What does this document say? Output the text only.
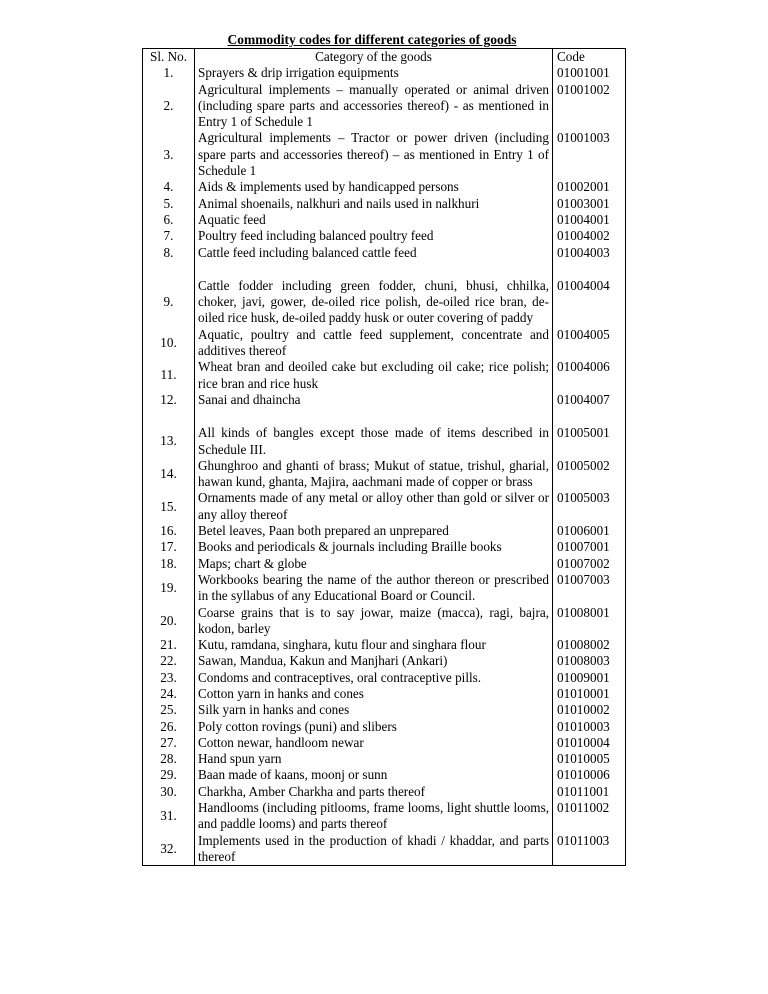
Commodity codes for different categories of goods
Sl. No.	Category of the goods	Code
1.	Sprayers & drip irrigation equipments	01001001
2.	Agricultural implements – manually operated or animal driven (including spare parts and accessories thereof) - as mentioned in Entry 1 of Schedule 1	01001002
3.	Agricultural implements – Tractor or power driven (including spare parts and accessories thereof) – as mentioned in Entry 1 of Schedule 1	01001003
4.	Aids & implements used by handicapped persons	01002001
5.	Animal shoenails, nalkhuri and nails used in nalkhuri	01003001
6.	Aquatic feed	01004001
7.	Poultry feed including balanced poultry feed	01004002
8.	Cattle feed including balanced cattle feed	01004003

9.	Cattle fodder including green fodder, chuni, bhusi, chhilka, choker, javi, gower, de-oiled rice polish, de-oiled rice bran, de-oiled rice husk, de-oiled paddy husk or outer covering of paddy	01004004
10.	Aquatic, poultry and cattle feed supplement, concentrate and additives thereof	01004005
11.	Wheat bran and deoiled cake but excluding oil cake; rice polish; rice bran and rice husk	01004006
12.	Sanai and dhaincha	01004007

13.	All kinds of bangles except those made of items described in Schedule III.	01005001
14.	Ghunghroo and ghanti of brass; Mukut of statue, trishul, gharial, hawan kund, ghanta, Majira, aachmani made of copper or brass	01005002
15.	Ornaments made of any metal or alloy other than gold or silver or any alloy thereof	01005003
16.	Betel leaves, Paan both prepared an unprepared	01006001
17.	Books and periodicals & journals including Braille books	01007001
18.	Maps; chart & globe	01007002
19.	Workbooks bearing the name of the author thereon or prescribed in the syllabus of any Educational Board or Council.	01007003
20.	Coarse grains that is to say jowar, maize (macca), ragi, bajra, kodon, barley	01008001
21.	Kutu, ramdana, singhara, kutu flour and singhara flour	01008002
22.	Sawan, Mandua, Kakun and Manjhari (Ankari)	01008003
23.	Condoms and contraceptives, oral contraceptive pills.	01009001
24.	Cotton yarn in hanks and cones	01010001
25.	Silk yarn in hanks and cones	01010002
26.	Poly cotton rovings (puni) and slibers	01010003
27.	Cotton newar, handloom newar	01010004
28.	Hand spun yarn	01010005
29.	Baan made of kaans, moonj or sunn	01010006
30.	Charkha, Amber Charkha and parts thereof	01011001
31.	Handlooms (including pitlooms, frame looms, light shuttle looms, and paddle looms) and parts thereof	01011002
32.	Implements used in the production of khadi / khaddar, and parts thereof	01011003
